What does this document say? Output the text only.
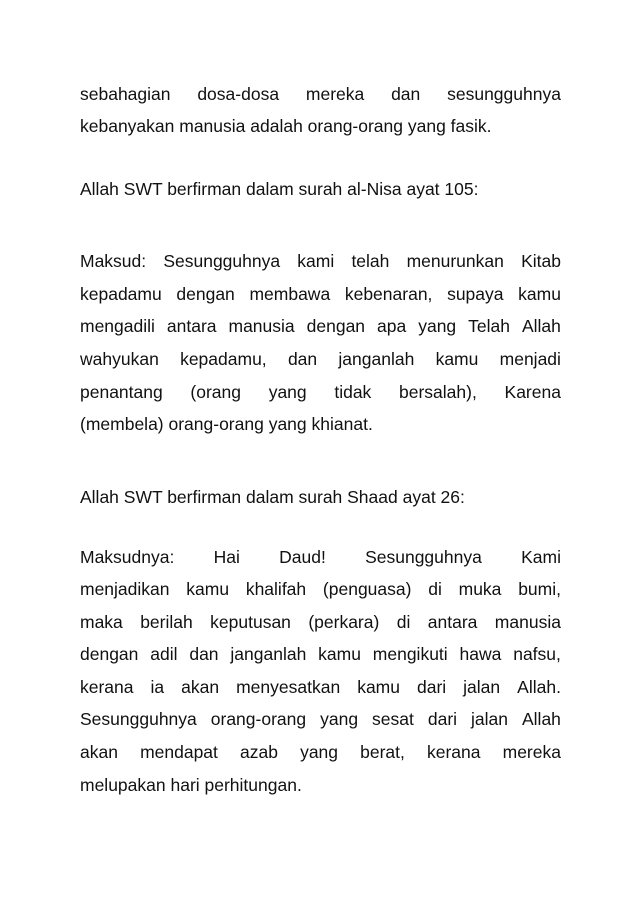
sebahagian dosa-dosa mereka dan sesungguhnya
kebanyakan manusia adalah orang-orang yang fasik.
Allah SWT berfirman dalam surah al-Nisa ayat 105:
Maksud: Sesungguhnya kami telah menurunkan Kitab
kepadamu dengan membawa kebenaran, supaya kamu
mengadili antara manusia dengan apa yang Telah Allah
wahyukan kepadamu, dan janganlah kamu menjadi
penantang (orang yang tidak bersalah), Karena
(membela) orang-orang yang khianat.
Allah SWT berfirman dalam surah Shaad ayat 26:
Maksudnya: Hai Daud! Sesungguhnya Kami
menjadikan kamu khalifah (penguasa) di muka bumi,
maka berilah keputusan (perkara) di antara manusia
dengan adil dan janganlah kamu mengikuti hawa nafsu,
kerana ia akan menyesatkan kamu dari jalan Allah.
Sesungguhnya orang-orang yang sesat dari jalan Allah
akan mendapat azab yang berat, kerana mereka
melupakan hari perhitungan.
